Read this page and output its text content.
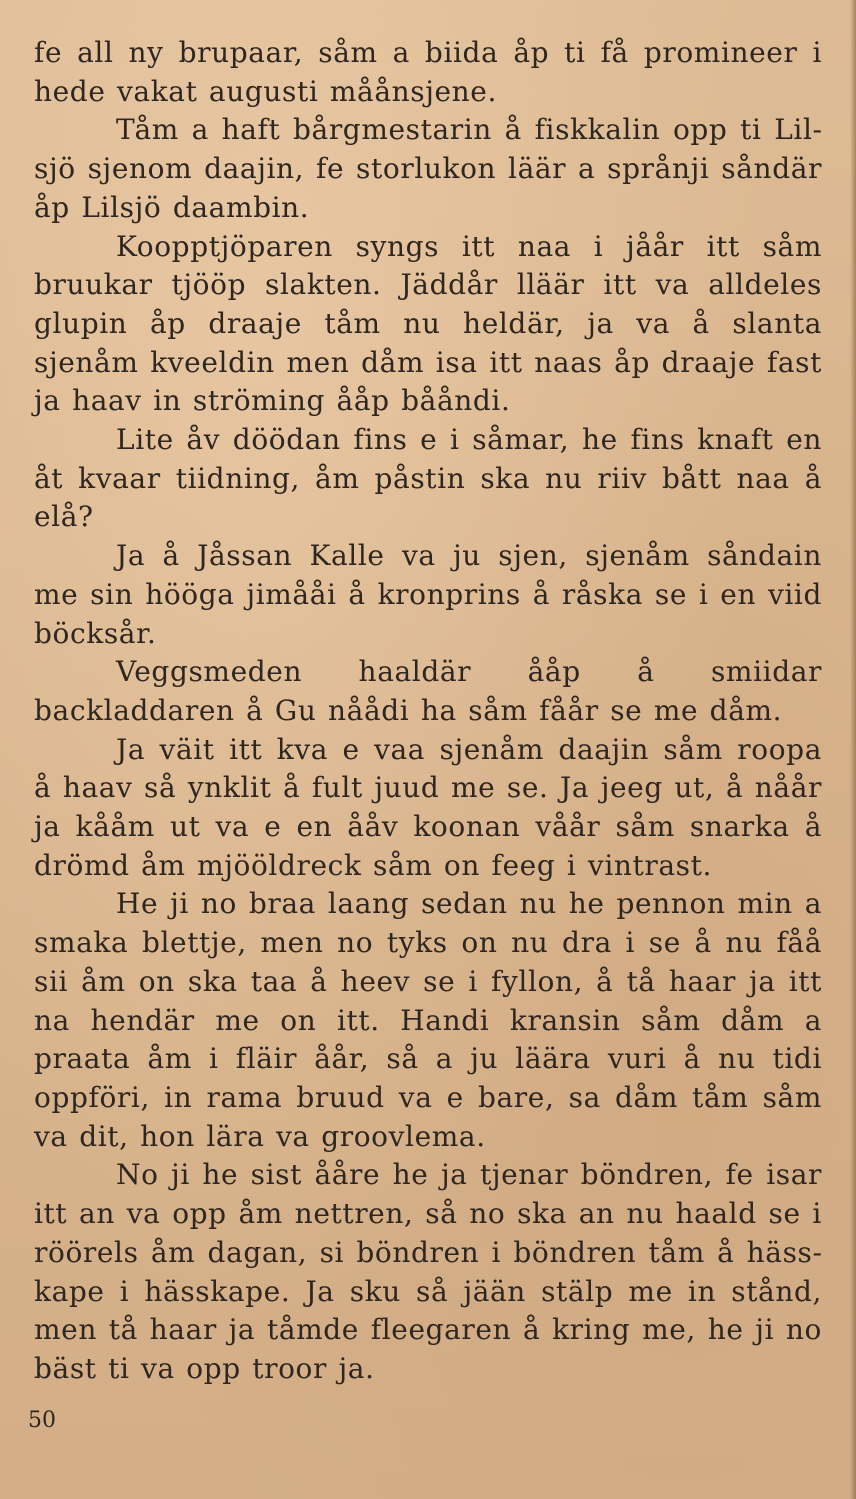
fe all ny brupaar, såm a biida åp ti få promineer i hede vakat augusti måånsjene.

Tåm a haft bårgmestarin å fiskkalin opp ti Lilsjö sjenom daajin, fe storlukon läär a språnji såndär åp Lilsjö daambin.

Koopptjöparen syngs itt naa i jåår itt såm bruukar tjööp slakten. Jäddår lläär itt va alldeles glupin åp draaje tåm nu heldär, ja va å slanta sjenåm kveeldin men dåm isa itt naas åp draaje fast ja haav in ströming ååp bååndi.

Lite åv döödan fins e i såmar, he fins knaft en åt kvaar tiidning, åm påstin ska nu riiv bått naa å elå?

Ja å Jåssan Kalle va ju sjen, sjenåm såndain me sin hööga jimååi å kronprins å råska se i en viid böcksår.

Veggsmeden haaldär ååp å smiidar backladdaren å Gu nåådi ha såm fåår se me dåm.

Ja väit itt kva e vaa sjenåm daajin såm roopa å haav så ynklit å fult juud me se. Ja jeeg ut, å nåår ja kååm ut va e en ååv koonan våår såm snarka å drömd åm mjööldreck såm on feeg i vintrast.

He ji no braa laang sedan nu he pennon min a smaka blettje, men no tyks on nu dra i se å nu fåå sii åm on ska taa å heev se i fyllon, å tå haar ja itt na hendär me on itt. Handi kransin såm dåm a praata åm i fläir åår, så a ju läära vuri å nu tidi oppföri, in rama bruud va e bare, sa dåm tåm såm va dit, hon lära va groovlema.

No ji he sist ååre he ja tjenar böndren, fe isar itt an va opp åm nettren, så no ska an nu haald se i röörels åm dagan, si böndren i böndren tåm å hässkape i hässkape. Ja sku så jään stälp me in stånd, men tå haar ja tåmde fleegaren å kring me, he ji no bäst ti va opp troor ja.

50
